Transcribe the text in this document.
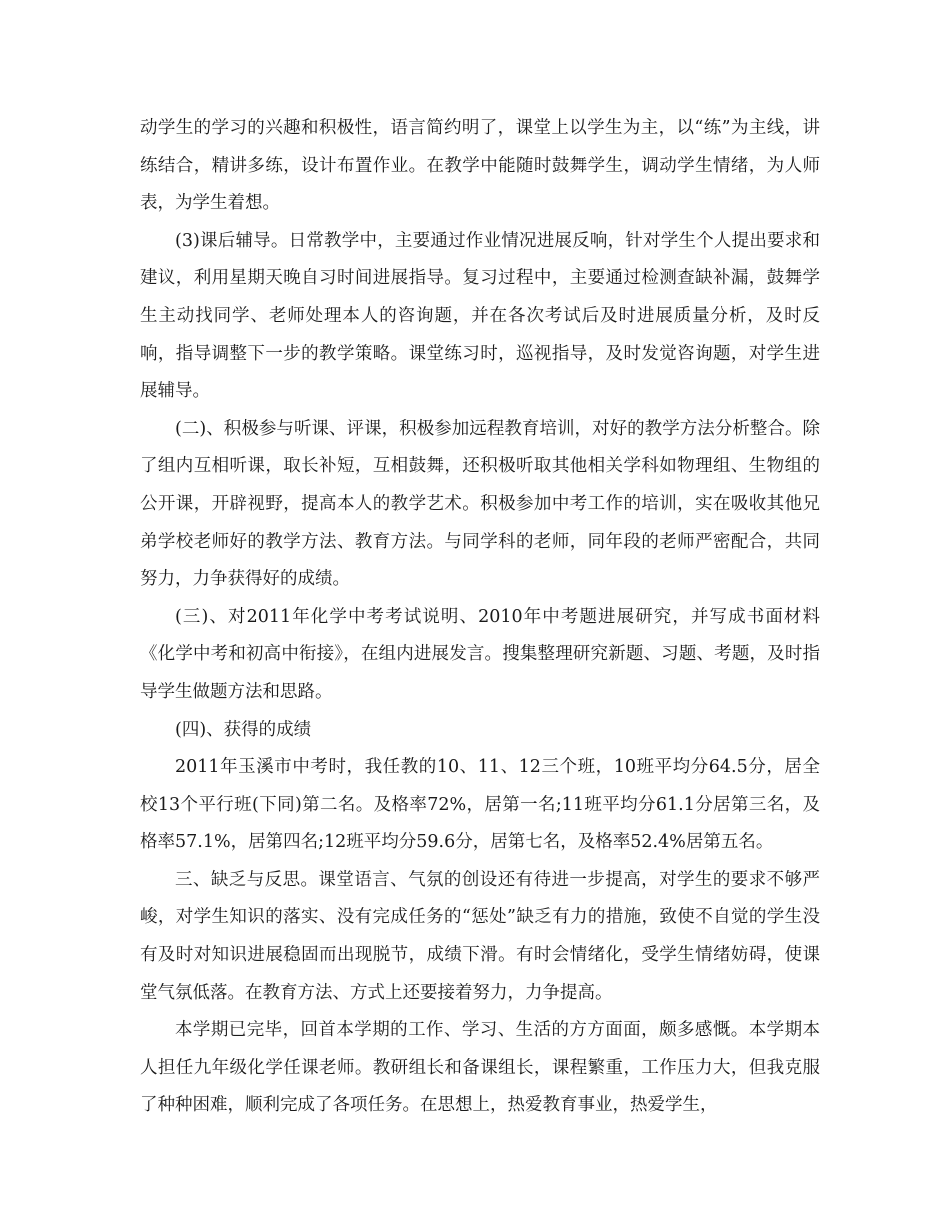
动学生的学习的兴趣和积极性，语言简约明了，课堂上以学生为主，以“练”为主线，讲练结合，精讲多练，设计布置作业。在教学中能随时鼓舞学生，调动学生情绪，为人师表，为学生着想。

(3)课后辅导。日常教学中，主要通过作业情况进展反响，针对学生个人提出要求和建议，利用星期天晚自习时间进展指导。复习过程中，主要通过检测查缺补漏，鼓舞学生主动找同学、老师处理本人的咨询题，并在各次考试后及时进展质量分析，及时反响，指导调整下一步的教学策略。课堂练习时，巡视指导，及时发觉咨询题，对学生进展辅导。

(二)、积极参与听课、评课，积极参加远程教育培训，对好的教学方法分析整合。除了组内互相听课，取长补短，互相鼓舞，还积极听取其他相关学科如物理组、生物组的公开课，开辟视野，提高本人的教学艺术。积极参加中考工作的培训，实在吸收其他兄弟学校老师好的教学方法、教育方法。与同学科的老师，同年段的老师严密配合，共同努力，力争获得好的成绩。

(三)、对2011年化学中考考试说明、2010年中考题进展研究，并写成书面材料《化学中考和初高中衔接》，在组内进展发言。搜集整理研究新题、习题、考题，及时指导学生做题方法和思路。

(四)、获得的成绩

2011年玉溪市中考时，我任教的10、11、12三个班，10班平均分64.5分，居全校13个平行班(下同)第二名。及格率72%，居第一名;11班平均分61.1分居第三名，及格率57.1%，居第四名;12班平均分59.6分，居第七名，及格率52.4%居第五名。

三、缺乏与反思。课堂语言、气氛的创设还有待进一步提高，对学生的要求不够严峻，对学生知识的落实、没有完成任务的“惩处”缺乏有力的措施，致使不自觉的学生没有及时对知识进展稳固而出现脱节，成绩下滑。有时会情绪化，受学生情绪妨碍，使课堂气氛低落。在教育方法、方式上还要接着努力，力争提高。

本学期已完毕，回首本学期的工作、学习、生活的方方面面，颇多感慨。本学期本人担任九年级化学任课老师。教研组长和备课组长，课程繁重，工作压力大，但我克服了种种困难，顺利完成了各项任务。在思想上，热爱教育事业，热爱学生，
